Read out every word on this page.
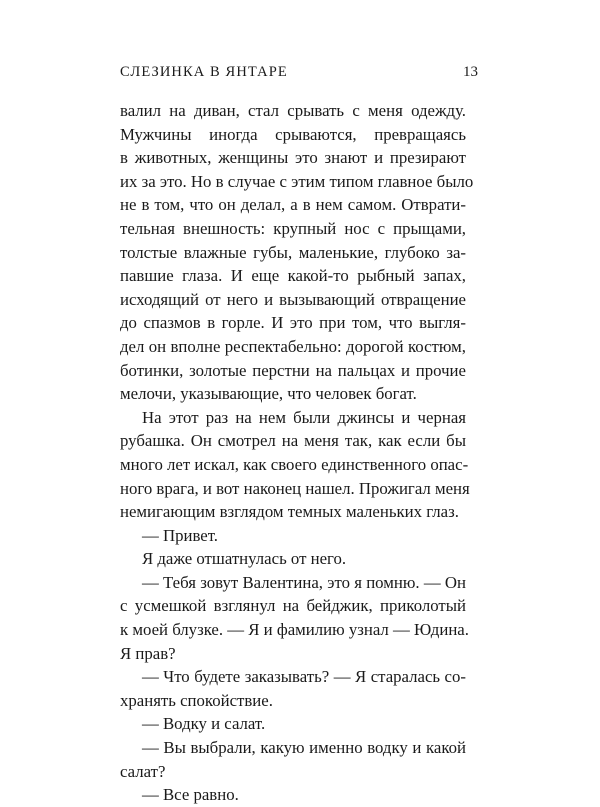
СЛЕЗИНКА В ЯНТАРЕ	13
валил на диван, стал срывать с меня одежду.
Мужчины иногда срываются, превращаясь
в животных, женщины это знают и презирают
их за это. Но в случае с этим типом главное было
не в том, что он делал, а в нем самом. Отврати-
тельная внешность: крупный нос с прыщами,
толстые влажные губы, маленькие, глубоко за-
павшие глаза. И еще какой-то рыбный запах,
исходящий от него и вызывающий отвращение
до спазмов в горле. И это при том, что выгля-
дел он вполне респектабельно: дорогой костюм,
ботинки, золотые перстни на пальцах и прочие
мелочи, указывающие, что человек богат.
На этот раз на нем были джинсы и черная
рубашка. Он смотрел на меня так, как если бы
много лет искал, как своего единственного опас-
ного врага, и вот наконец нашел. Прожигал меня
немигающим взглядом темных маленьких глаз.
— Привет.
Я даже отшатнулась от него.
— Тебя зовут Валентина, это я помню. — Он
с усмешкой взглянул на бейджик, приколотый
к моей блузке. — Я и фамилию узнал — Юдина.
Я прав?
— Что будете заказывать? — Я старалась со-
хранять спокойствие.
— Водку и салат.
— Вы выбрали, какую именно водку и какой
салат?
— Все равно.
